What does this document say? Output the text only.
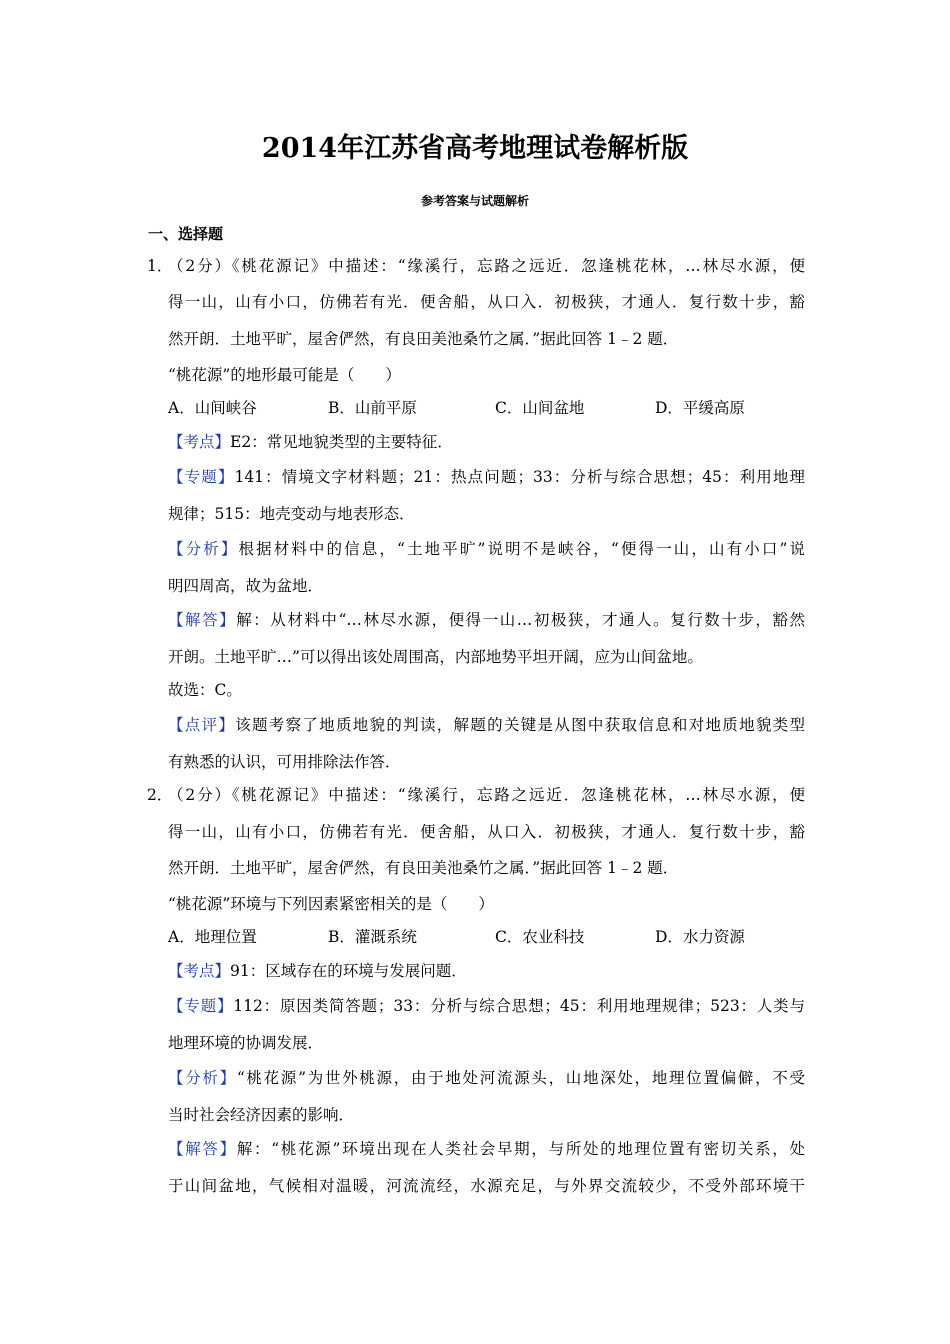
2014年江苏省高考地理试卷解析版
参考答案与试题解析
一、选择题
1．
（2分）《桃花源记》中描述：“缘溪行，忘路之远近．忽逢桃花林，…林尽水源，便
得一山，山有小口，仿佛若有光．便舍船，从口入．初极狭，才通人．复行数十步，豁
然开朗．土地平旷，屋舍俨然，有良田美池桑竹之属．”据此回答 1﹣2 题．
“桃花源”的地形最可能是（　　）
A．山间峡谷	B．山前平原	C．山间盆地	D．平缓高原
【考点】E2：常见地貌类型的主要特征．
【专题】141：情境文字材料题；21：热点问题；33：分析与综合思想；45：利用地理
规律；515：地壳变动与地表形态．
【分析】根据材料中的信息，“土地平旷”说明不是峡谷，“便得一山，山有小口”说
明四周高，故为盆地．
【解答】解：从材料中“…林尽水源，便得一山…初极狭，才通人。复行数十步，豁然
开朗。土地平旷…”可以得出该处周围高，内部地势平坦开阔，应为山间盆地。
故选：C。
【点评】该题考察了地质地貌的判读，解题的关键是从图中获取信息和对地质地貌类型
有熟悉的认识，可用排除法作答．
2．
（2分）《桃花源记》中描述：“缘溪行，忘路之远近．忽逢桃花林，…林尽水源，便
得一山，山有小口，仿佛若有光．便舍船，从口入．初极狭，才通人．复行数十步，豁
然开朗．土地平旷，屋舍俨然，有良田美池桑竹之属．”据此回答 1﹣2 题．
“桃花源”环境与下列因素紧密相关的是（　　）
A．地理位置	B．灌溉系统	C．农业科技	D．水力资源
【考点】91：区域存在的环境与发展问题．
【专题】112：原因类简答题；33：分析与综合思想；45：利用地理规律；523：人类与
地理环境的协调发展．
【分析】“桃花源”为世外桃源，由于地处河流源头，山地深处，地理位置偏僻，不受
当时社会经济因素的影响．
【解答】解：“桃花源”环境出现在人类社会早期，与所处的地理位置有密切关系，处
于山间盆地，气候相对温暖，河流流经，水源充足，与外界交流较少，不受外部环境干
